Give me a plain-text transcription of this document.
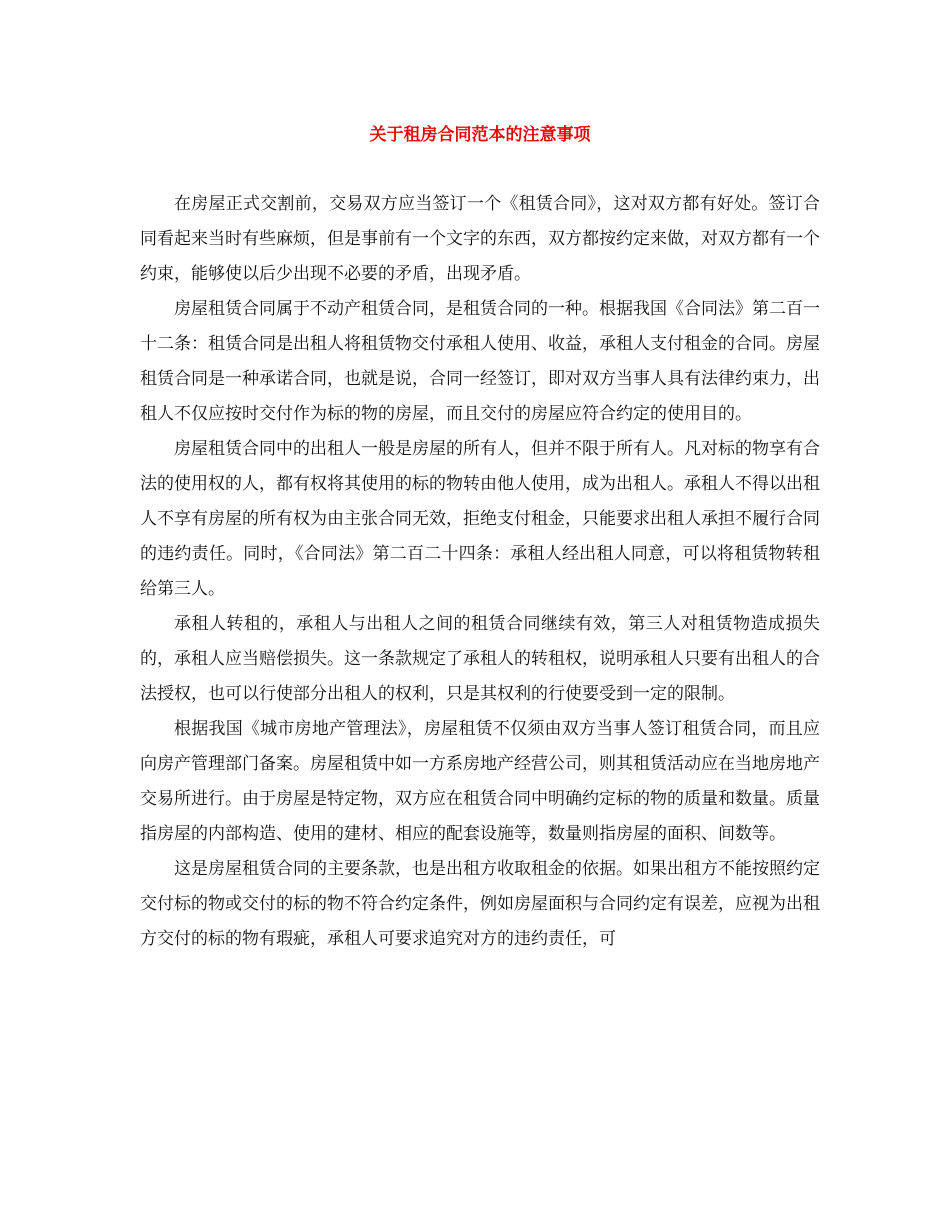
关于租房合同范本的注意事项

在房屋正式交割前，交易双方应当签订一个《租赁合同》，这对双方都有好处。签订合同看起来当时有些麻烦，但是事前有一个文字的东西，双方都按约定来做，对双方都有一个约束，能够使以后少出现不必要的矛盾，出现矛盾。

房屋租赁合同属于不动产租赁合同，是租赁合同的一种。根据我国《合同法》第二百一十二条：租赁合同是出租人将租赁物交付承租人使用、收益，承租人支付租金的合同。房屋租赁合同是一种承诺合同，也就是说，合同一经签订，即对双方当事人具有法律约束力，出租人不仅应按时交付作为标的物的房屋，而且交付的房屋应符合约定的使用目的。

房屋租赁合同中的出租人一般是房屋的所有人，但并不限于所有人。凡对标的物享有合法的使用权的人，都有权将其使用的标的物转由他人使用，成为出租人。承租人不得以出租人不享有房屋的所有权为由主张合同无效，拒绝支付租金，只能要求出租人承担不履行合同的违约责任。同时，《合同法》第二百二十四条：承租人经出租人同意，可以将租赁物转租给第三人。

承租人转租的，承租人与出租人之间的租赁合同继续有效，第三人对租赁物造成损失的，承租人应当赔偿损失。这一条款规定了承租人的转租权，说明承租人只要有出租人的合法授权，也可以行使部分出租人的权利，只是其权利的行使要受到一定的限制。

根据我国《城市房地产管理法》，房屋租赁不仅须由双方当事人签订租赁合同，而且应向房产管理部门备案。房屋租赁中如一方系房地产经营公司，则其租赁活动应在当地房地产交易所进行。由于房屋是特定物，双方应在租赁合同中明确约定标的物的质量和数量。质量指房屋的内部构造、使用的建材、相应的配套设施等，数量则指房屋的面积、间数等。

这是房屋租赁合同的主要条款，也是出租方收取租金的依据。如果出租方不能按照约定交付标的物或交付的标的物不符合约定条件，例如房屋面积与合同约定有误差，应视为出租方交付的标的物有瑕疵，承租人可要求追究对方的违约责任，可
